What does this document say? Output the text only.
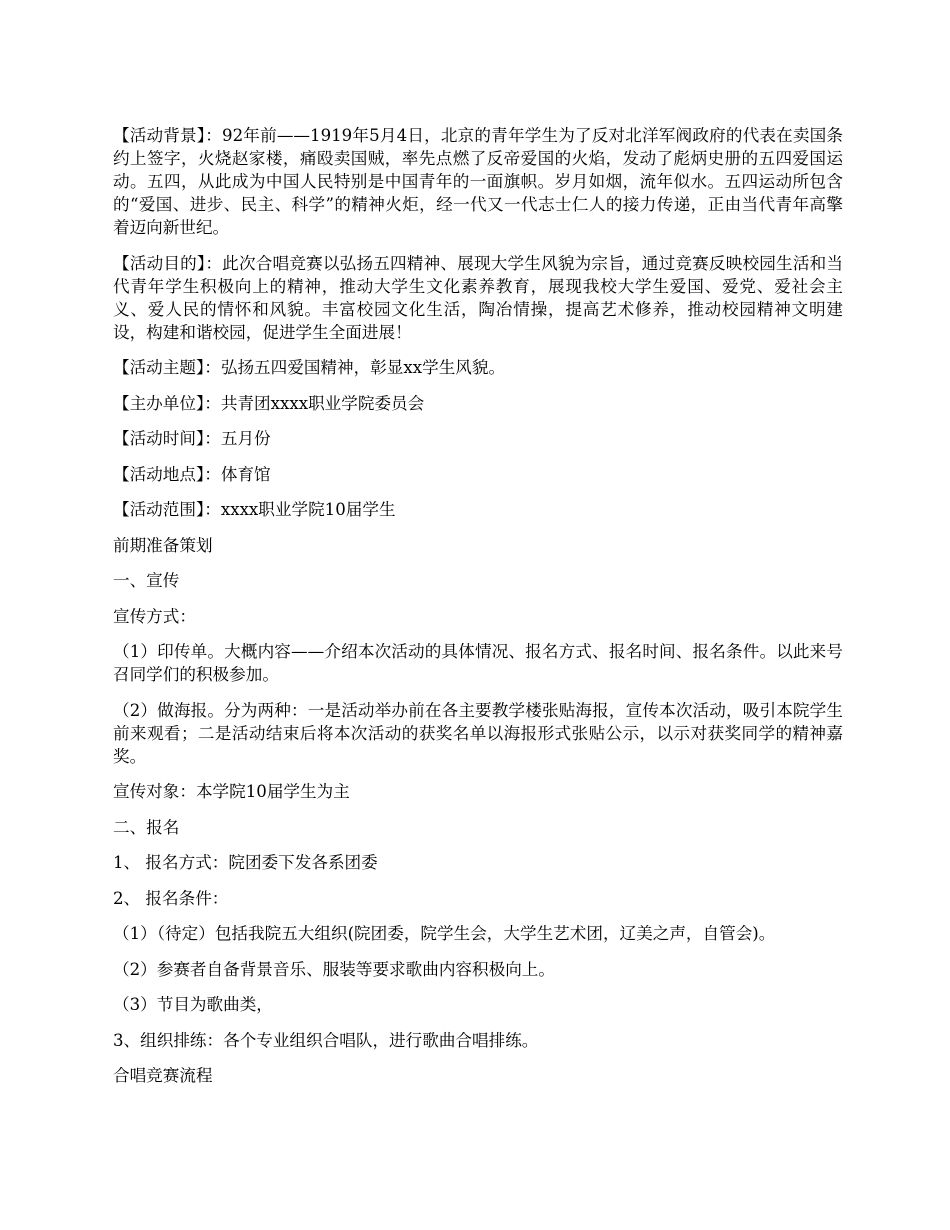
【活动背景】：92年前——1919年5月4日，北京的青年学生为了反对北洋军阀政府的代表在卖国条约上签字，火烧赵家楼，痛殴卖国贼，率先点燃了反帝爱国的火焰，发动了彪炳史册的五四爱国运动。五四，从此成为中国人民特别是中国青年的一面旗帜。岁月如烟，流年似水。五四运动所包含的“爱国、进步、民主、科学”的精神火炬，经一代又一代志士仁人的接力传递，正由当代青年高擎着迈向新世纪。

【活动目的】：此次合唱竞赛以弘扬五四精神、展现大学生风貌为宗旨，通过竞赛反映校园生活和当代青年学生积极向上的精神，推动大学生文化素养教育，展现我校大学生爱国、爱党、爱社会主义、爱人民的情怀和风貌。丰富校园文化生活，陶冶情操，提高艺术修养，推动校园精神文明建设，构建和谐校园，促进学生全面进展！

【活动主题】：弘扬五四爱国精神，彰显xx学生风貌。

【主办单位】：共青团xxxx职业学院委员会

【活动时间】：五月份

【活动地点】：体育馆

【活动范围】：xxxx职业学院10届学生

前期准备策划

一、宣传

宣传方式：

（1）印传单。大概内容——介绍本次活动的具体情况、报名方式、报名时间、报名条件。以此来号召同学们的积极参加。

（2）做海报。分为两种：一是活动举办前在各主要教学楼张贴海报，宣传本次活动，吸引本院学生前来观看；二是活动结束后将本次活动的获奖名单以海报形式张贴公示，以示对获奖同学的精神嘉奖。

宣传对象：本学院10届学生为主

二、报名

1、 报名方式：院团委下发各系团委

2、 报名条件：

（1）（待定）包括我院五大组织(院团委，院学生会，大学生艺术团，辽美之声，自管会)。

（2）参赛者自备背景音乐、服装等要求歌曲内容积极向上。

（3）节目为歌曲类，

3、组织排练：各个专业组织合唱队，进行歌曲合唱排练。

合唱竞赛流程
